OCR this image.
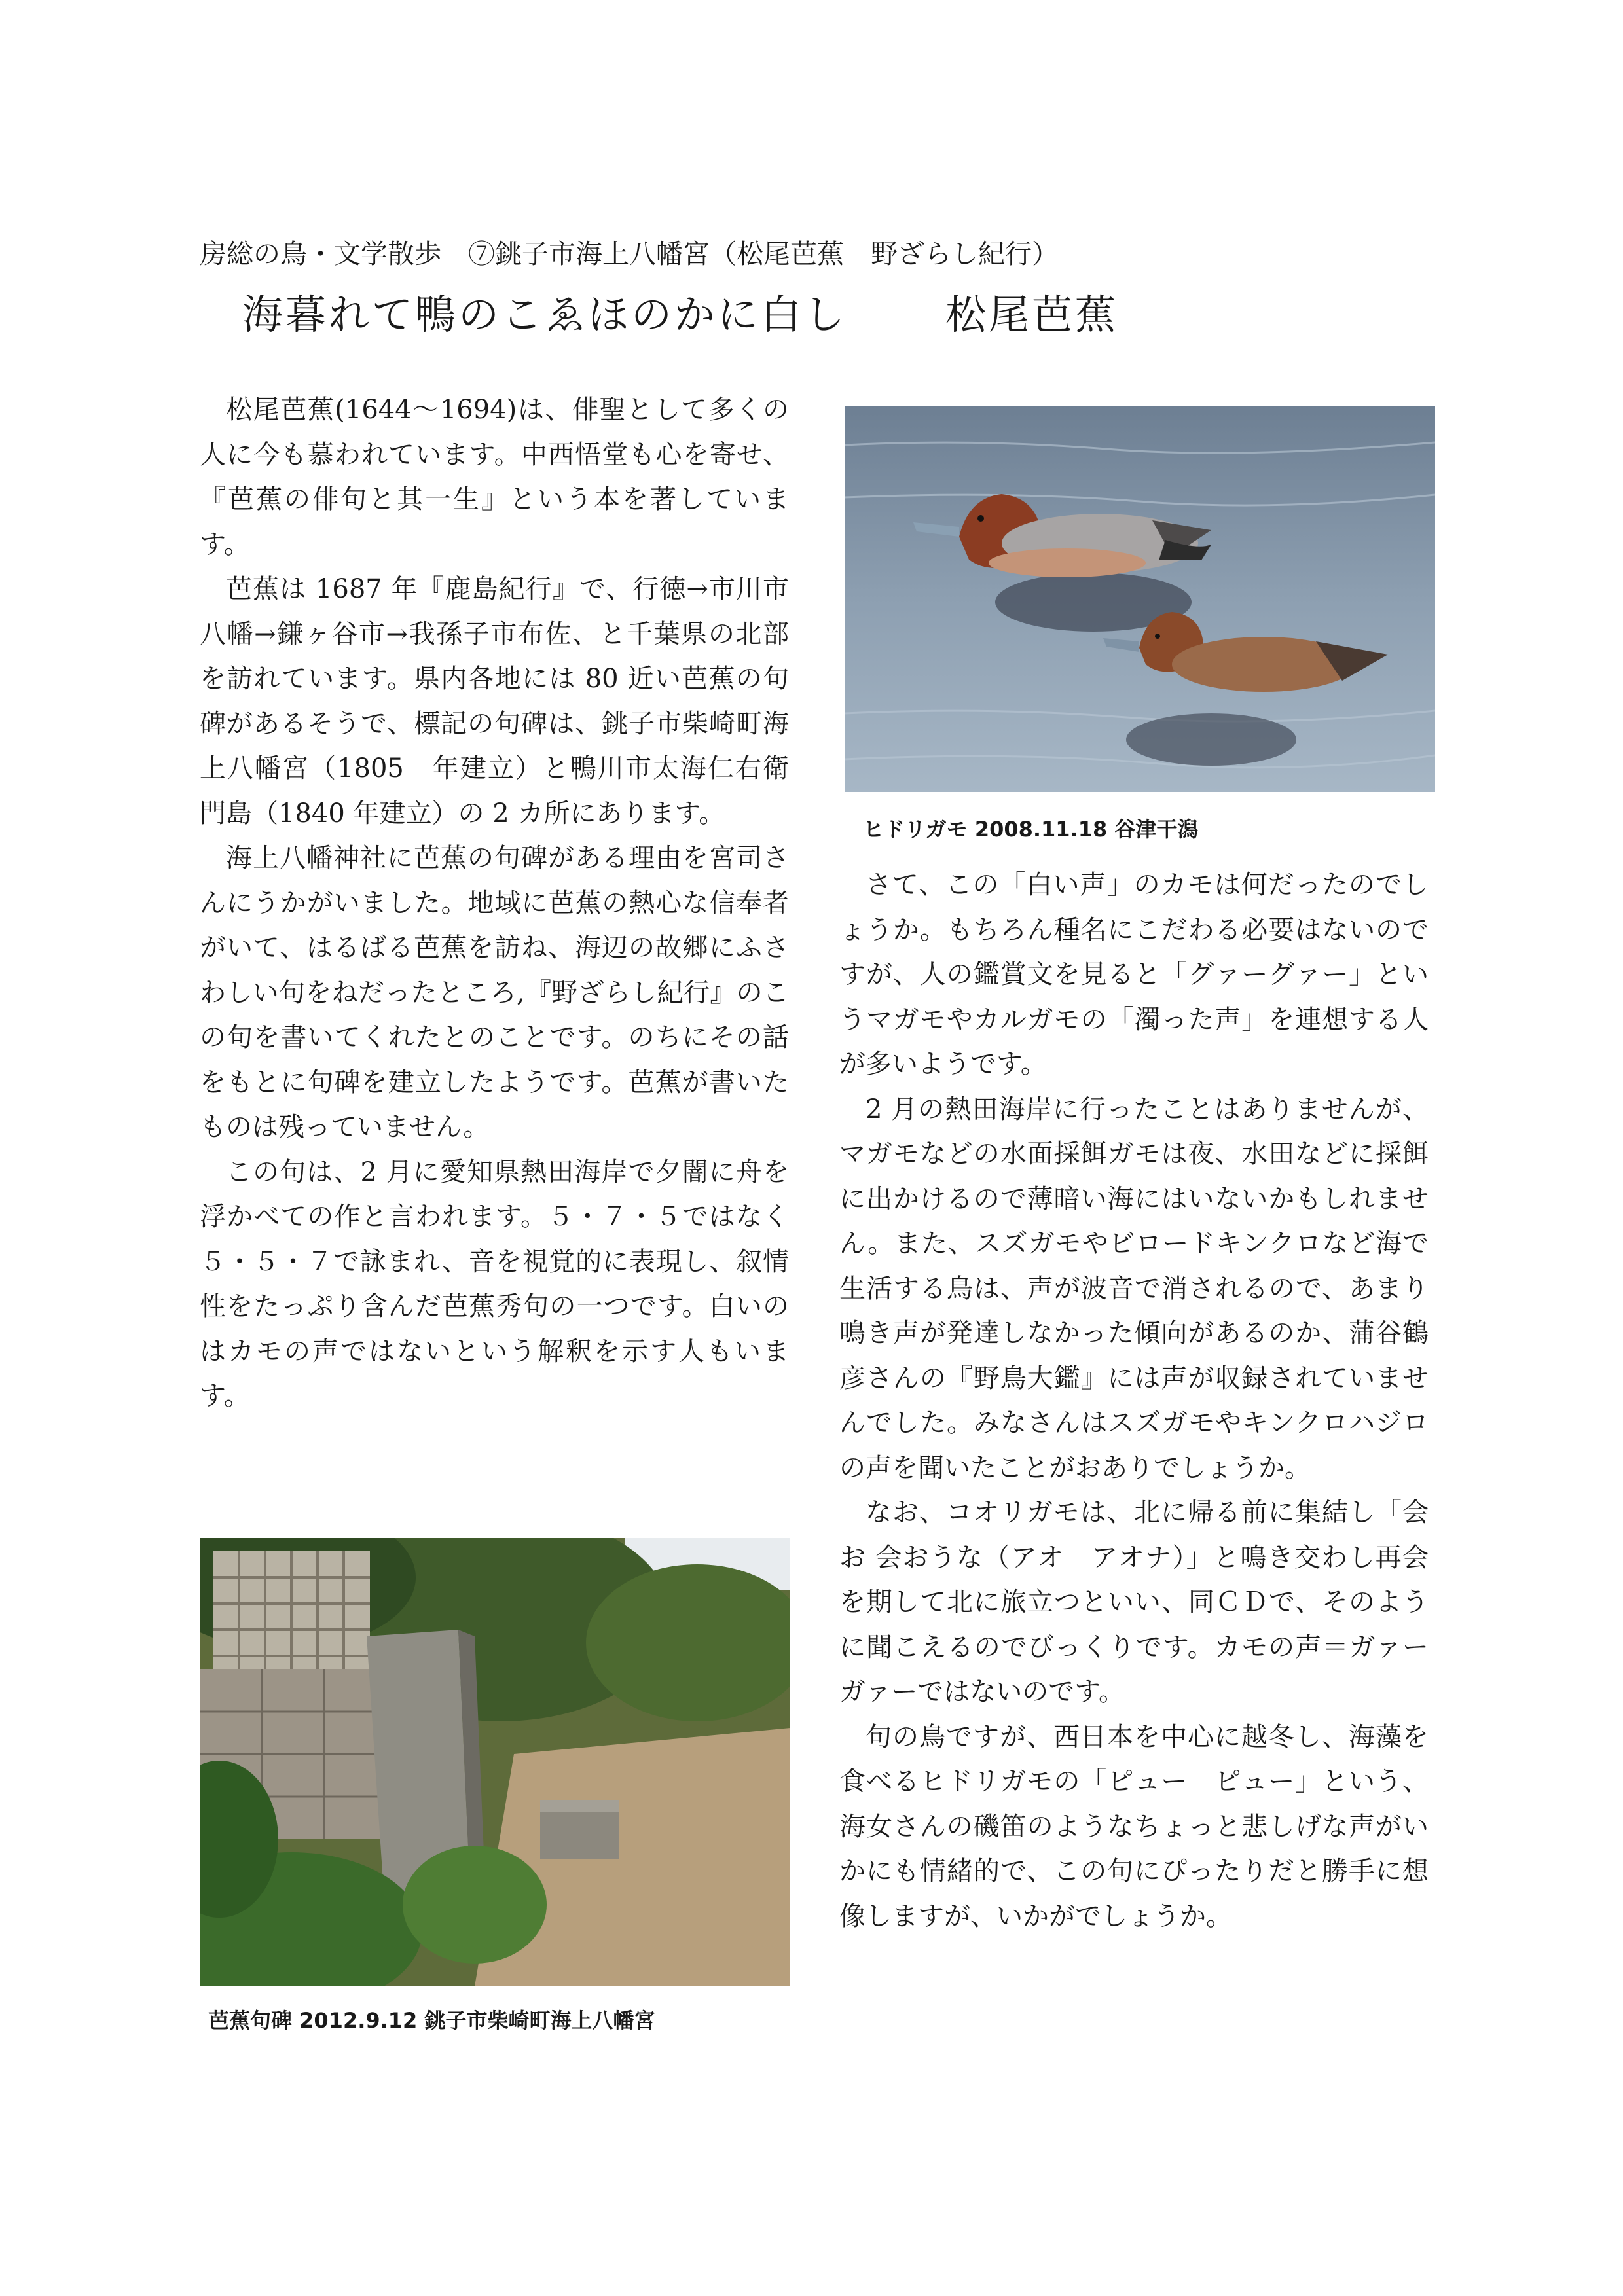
房総の鳥・文学散歩　⑦銚子市海上八幡宮（松尾芭蕉　野ざらし紀行）
海暮れて鴨のこゑほのかに白し 松尾芭蕉

松尾芭蕉(1644～1694)は、俳聖として多くの人に今も慕われています。中西悟堂も心を寄せ、『芭蕉の俳句と其一生』という本を著しています。

芭蕉は 1687 年『鹿島紀行』で、行徳→市川市八幡→鎌ヶ谷市→我孫子市布佐、と千葉県の北部を訪れています。県内各地には 80 近い芭蕉の句碑があるそうで、標記の句碑は、銚子市柴崎町海上八幡宮（1805　年建立）と鴨川市太海仁右衛門島（1840 年建立）の 2 カ所にあります。

海上八幡神社に芭蕉の句碑がある理由を宮司さんにうかがいました。地域に芭蕉の熱心な信奉者がいて、はるばる芭蕉を訪ね、海辺の故郷にふさわしい句をねだったところ,『野ざらし紀行』のこの句を書いてくれたとのことです。のちにその話をもとに句碑を建立したようです。芭蕉が書いたものは残っていません。

この句は、2 月に愛知県熱田海岸で夕闇に舟を浮かべての作と言われます。５・７・５ではなく５・５・７で詠まれ、音を視覚的に表現し、叙情性をたっぷり含んだ芭蕉秀句の一つです。白いのはカモの声ではないという解釈を示す人もいます。

ヒドリガモ 2008.11.18 谷津干潟

さて、この「白い声」のカモは何だったのでしょうか。もちろん種名にこだわる必要はないのですが、人の鑑賞文を見ると「グァーグァー」というマガモやカルガモの「濁った声」を連想する人が多いようです。

2 月の熱田海岸に行ったことはありませんが、マガモなどの水面採餌ガモは夜、水田などに採餌に出かけるので薄暗い海にはいないかもしれません。また、スズガモやビロードキンクロなど海で生活する鳥は、声が波音で消されるので、あまり鳴き声が発達しなかった傾向があるのか、蒲谷鶴彦さんの『野鳥大鑑』には声が収録されていませんでした。みなさんはスズガモやキンクロハジロの声を聞いたことがおありでしょうか。

なお、コオリガモは、北に帰る前に集結し「会お 会おうな（アオ　アオナ）」と鳴き交わし再会を期して北に旅立つといい、同ＣＤで、そのように聞こえるのでびっくりです。カモの声＝ガァーガァーではないのです。

句の鳥ですが、西日本を中心に越冬し、海藻を食べるヒドリガモの「ピュー　ピュー」という、海女さんの磯笛のようなちょっと悲しげな声がいかにも情緒的で、この句にぴったりだと勝手に想像しますが、いかがでしょうか。

芭蕉句碑 2012.9.12 銚子市柴崎町海上八幡宮
